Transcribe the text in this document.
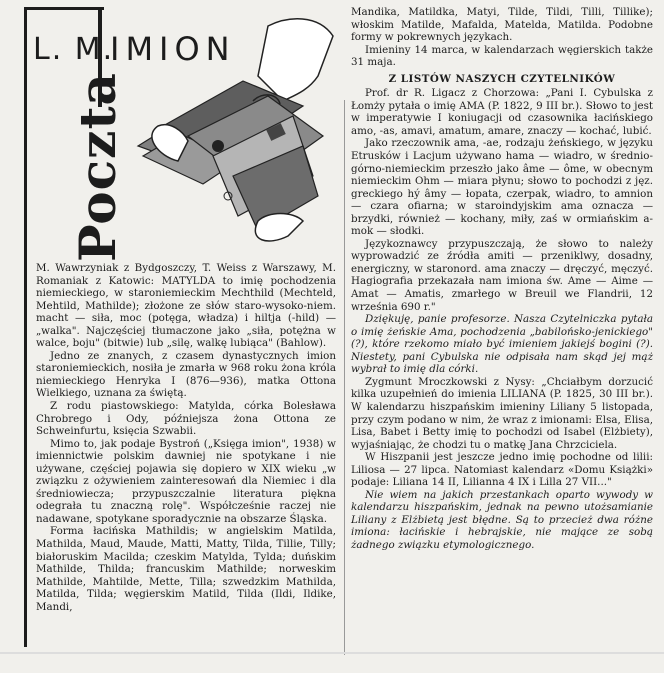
L. M.
IMION
Poczta

M. Wawrzyniak z Bydgoszczy, T. Weiss z Warszawy, M. Romaniak z Katowic: MATYLDA to imię pochodzenia niemieckiego, w staroniemieckim Mechthild (Mechteld, Mehtild, Mathilde); złożone ze słów staro-wysoko-niem. macht — siła, moc (potęga, władza) i hiltja (-hild) — „walka". Najczęściej tłumaczone jako „siła, potężna w walce, boju" (bitwie) lub „silę, walkę lubiąca" (Bahlow).

Jedno ze znanych, z czasem dynastycznych imion staroniemieckich, nosiła je zmarła w 968 roku żona króla niemieckiego Henryka I (876—936), matka Ottona Wielkiego, uznana za świętą.

Z rodu piastowskiego: Matylda, córka Bolesława Chrobrego i Ody, późniejsza żona Ottona ze Schweinfurtu, księcia Szwabii.

Mimo to, jak podaje Bystroń („Księga imion", 1938) w imiennictwie polskim dawniej nie spotykane i nie używane, częściej pojawia się dopiero w XIX wieku „w związku z ożywieniem zainteresowań dla Niemiec i dla średniowiecza; przypuszczalnie literatura piękna odegrała tu znaczną rolę". Współcześnie raczej nie nadawane, spotykane sporadycznie na obszarze Śląska.

Forma łacińska Mathildis; w angielskim Matilda, Mathilda, Maud, Maude, Matti, Matty, Tilda, Tillie, Tilly; białoruskim Macilda; czeskim Matylda, Tylda; duńskim Mathilde, Thilda; francuskim Mathilde; norweskim Mathilde, Mahtilde, Mette, Tilla; szwedzkim Mathilda, Matilda, Tilda; węgierskim Matild, Tilda (Ildi, Ildike, Mandi,

Mandika, Matildka, Matyi, Tilde, Tildi, Tilli, Tillike); włoskim Matilde, Mafalda, Matelda, Matilda. Podobne formy w pokrewnych językach.

Imieniny 14 marca, w kalendarzach węgierskich także 31 maja.

Z LISTÓW NASZYCH CZYTELNIKÓW

Prof. dr R. Ligacz z Chorzowa: „Pani I. Cybulska z Łomży pytała o imię AMA (P. 1822, 9 III br.). Słowo to jest w imperatywie I koniugacji od czasownika łacińskiego amo, -as, amavi, amatum, amare, znaczy — kochać, lubić.

Jako rzeczownik ama, -ae, rodzaju żeńskiego, w języku Etrusków i Lacjum używano hama — wiadro, w średnio-górno-niemieckim przeszło jako âme — ôme, w obecnym niemieckim Ohm — miara płynu; słowo to pochodzi z jęz. greckiego hý âmy — łopata, czerpak, wiadro, to amnion — czara ofiarna; w staroindyjskim ama oznacza — brzydki, również — kochany, miły, zaś w ormiańskim a-mok — słodki.

Językoznawcy przypuszczają, że słowo to należy wyprowadzić ze źródła amiti — przeniklwy, dosadny, energiczny, w staronord. ama znaczy — dręczyć, męczyć. Hagiografia przekazała nam imiona św. Ame — Aime — Amat — Amatis, zmarłego w Breuil we Flandrii, 12 września 690 r."

Dziękuję, panie profesorze. Nasza Czytelniczka pytała o imię żeńskie Ama, pochodzenia „babilońsko-jenickiego" (?), które rzekomo miało być imieniem jakiejś bogini (?). Niestety, pani Cybulska nie odpisała nam skąd jej mąż wybrał to imię dla córki.

Zygmunt Mroczkowski z Nysy: „Chciałbym dorzucić kilka uzupełnień do imienia LILIANA (P. 1825, 30 III br.). W kalendarzu hiszpańskim imieniny Liliany 5 listopada, przy czym podano w nim, że wraz z imionami: Elsa, Elisa, Lisa, Babet i Betty imię to pochodzi od Isabel (Elżbiety), wyjaśniając, że chodzi tu o matkę Jana Chrzciciela.

W Hiszpanii jest jeszcze jedno imię pochodne od lilii: Liliosa — 27 lipca. Natomiast kalendarz «Domu Książki» podaje: Liliana 14 II, Lilianna 4 IX i Lilla 27 VII..."

Nie wiem na jakich przestankach oparto wywody w kalendarzu hiszpańskim, jednak na pewno utożsamianie Liliany z Elżbietą jest błędne. Są to przecież dwa różne imiona: łacińskie i hebrajskie, nie mające ze sobą żadnego związku etymologicznego.
